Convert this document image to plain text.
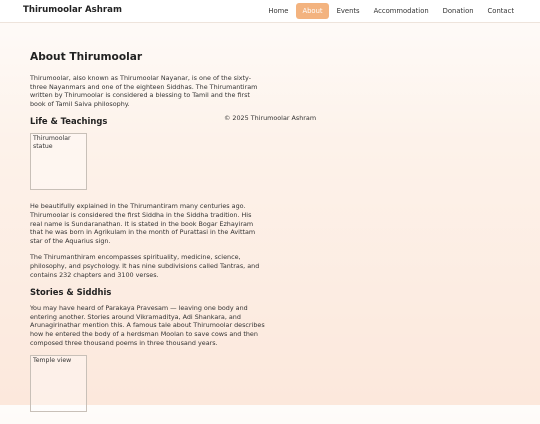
Thirumoolar Ashram	Home	About	Events	Accommodation	Donation	Contact
About Thirumoolar

Thirumoolar, also known as Thirumoolar Nayanar, is one of the sixty-three Nayanmars and one of the eighteen Siddhas. The Thirumantiram written by Thirumoolar is considered a blessing to Tamil and the first book of Tamil Saiva philosophy.

Life & Teachings
Thirumoolar statue

He beautifully explained in the Thirumantiram many centuries ago. Thirumoolar is considered the first Siddha in the Siddha tradition. His real name is Sundaranathan. It is stated in the book Bogar Ezhayiram that he was born in Agrikulam in the month of Purattasi in the Avittam star of the Aquarius sign.

The Thirumanthiram encompasses spirituality, medicine, science, philosophy, and psychology. It has nine subdivisions called Tantras, and contains 232 chapters and 3100 verses.

Stories & Siddhis

You may have heard of Parakaya Pravesam — leaving one body and entering another. Stories around Vikramaditya, Adi Shankara, and Arunagirinathar mention this. A famous tale about Thirumoolar describes how he entered the body of a herdsman Moolan to save cows and then composed three thousand poems in three thousand years.

Temple view
© 2025 Thirumoolar Ashram
